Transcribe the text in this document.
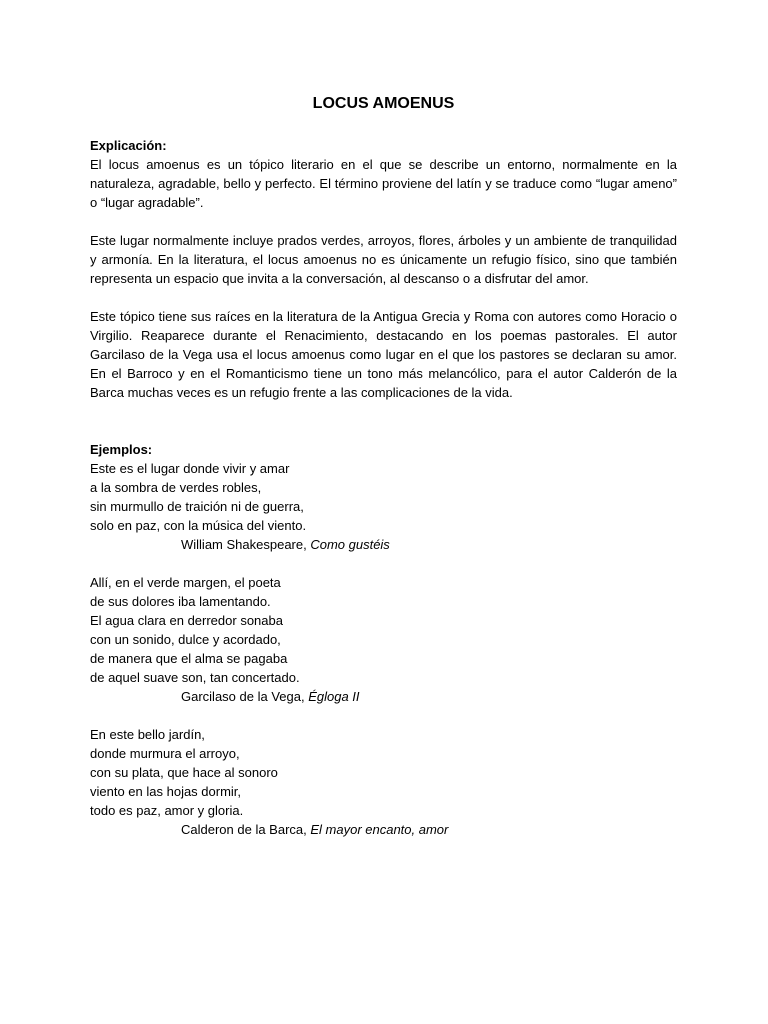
LOCUS AMOENUS

Explicación:

El locus amoenus es un tópico literario en el que se describe un entorno, normalmente en la naturaleza, agradable, bello y perfecto. El término proviene del latín y se traduce como “lugar ameno” o “lugar agradable”.

Este lugar normalmente incluye prados verdes, arroyos, flores, árboles y un ambiente de tranquilidad y armonía. En la literatura, el locus amoenus no es únicamente un refugio físico, sino que también representa un espacio que invita a la conversación, al descanso o a disfrutar del amor.

Este tópico tiene sus raíces en la literatura de la Antigua Grecia y Roma con autores como Horacio o Virgilio. Reaparece durante el Renacimiento, destacando en los poemas pastorales. El autor Garcilaso de la Vega usa el locus amoenus como lugar en el que los pastores se declaran su amor. En el Barroco y en el Romanticismo tiene un tono más melancólico, para el autor Calderón de la Barca muchas veces es un refugio frente a las complicaciones de la vida.

Ejemplos:

Este es el lugar donde vivir y amar

a la sombra de verdes robles,

sin murmullo de traición ni de guerra,

solo en paz, con la música del viento.

William Shakespeare, Como gustéis

Allí, en el verde margen, el poeta

de sus dolores iba lamentando.

El agua clara en derredor sonaba

con un sonido, dulce y acordado,

de manera que el alma se pagaba

de aquel suave son, tan concertado.

Garcilaso de la Vega, Égloga II

En este bello jardín,

donde murmura el arroyo,

con su plata, que hace al sonoro

viento en las hojas dormir,

todo es paz, amor y gloria.

Calderon de la Barca, El mayor encanto, amor
